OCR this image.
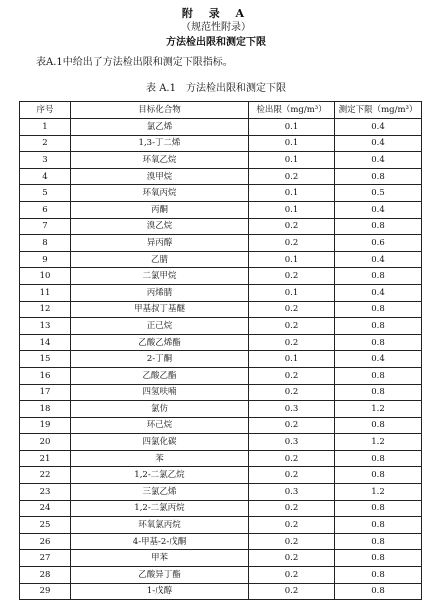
附 录 A
（规范性附录）
方法检出限和测定下限
表A.1中给出了方法检出限和测定下限指标。
表 A.1　方法检出限和测定下限
序号	目标化合物	检出限（mg/m³）	测定下限（mg/m³）
1	氯乙烯	0.1	0.4
2	1,3-丁二烯	0.1	0.4
3	环氧乙烷	0.1	0.4
4	溴甲烷	0.2	0.8
5	环氧丙烷	0.1	0.5
6	丙酮	0.1	0.4
7	溴乙烷	0.2	0.8
8	异丙醇	0.2	0.6
9	乙腈	0.1	0.4
10	二氯甲烷	0.2	0.8
11	丙烯腈	0.1	0.4
12	甲基叔丁基醚	0.2	0.8
13	正己烷	0.2	0.8
14	乙酸乙烯酯	0.2	0.8
15	2-丁酮	0.1	0.4
16	乙酸乙酯	0.2	0.8
17	四氢呋喃	0.2	0.8
18	氯仿	0.3	1.2
19	环己烷	0.2	0.8
20	四氯化碳	0.3	1.2
21	苯	0.2	0.8
22	1,2-二氯乙烷	0.2	0.8
23	三氯乙烯	0.3	1.2
24	1,2-二氯丙烷	0.2	0.8
25	环氧氯丙烷	0.2	0.8
26	4-甲基-2-戊酮	0.2	0.8
27	甲苯	0.2	0.8
28	乙酸异丁酯	0.2	0.8
29	1-戊醇	0.2	0.8
